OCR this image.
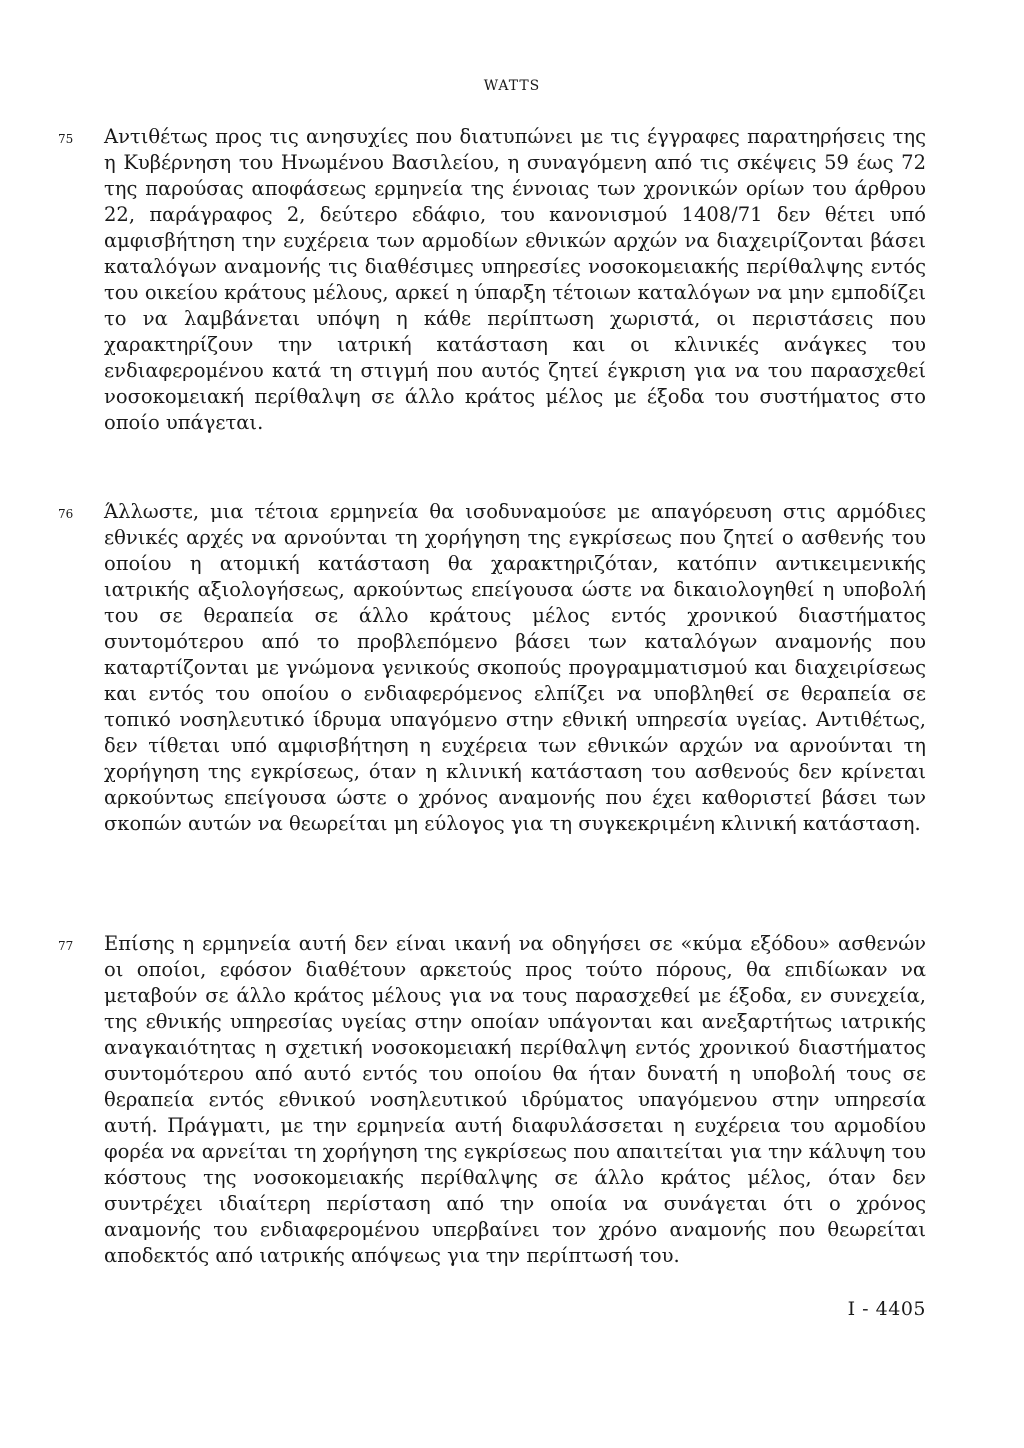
WATTS
75 Αντιθέτως προς τις ανησυχίες που διατυπώνει με τις έγγραφες παρατηρήσεις της η Κυβέρνηση του Ηνωμένου Βασιλείου, η συναγόμενη από τις σκέψεις 59 έως 72 της παρούσας αποφάσεως ερμηνεία της έννοιας των χρονικών ορίων του άρθρου 22, παράγραφος 2, δεύτερο εδάφιο, του κανονισμού 1408/71 δεν θέτει υπό αμφισβήτηση την ευχέρεια των αρμοδίων εθνικών αρχών να διαχειρίζονται βάσει καταλόγων αναμονής τις διαθέσιμες υπηρεσίες νοσοκομειακής περίθαλψης εντός του οικείου κράτους μέλους, αρκεί η ύπαρξη τέτοιων καταλόγων να μην εμποδίζει το να λαμβάνεται υπόψη η κάθε περίπτωση χωριστά, οι περιστάσεις που χαρακτηρίζουν την ιατρική κατάσταση και οι κλινικές ανάγκες του ενδιαφερομένου κατά τη στιγμή που αυτός ζητεί έγκριση για να του παρασχεθεί νοσοκομειακή περίθαλψη σε άλλο κράτος μέλος με έξοδα του συστήματος στο οποίο υπάγεται.
76 Άλλωστε, μια τέτοια ερμηνεία θα ισοδυναμούσε με απαγόρευση στις αρμόδιες εθνικές αρχές να αρνούνται τη χορήγηση της εγκρίσεως που ζητεί ο ασθενής του οποίου η ατομική κατάσταση θα χαρακτηριζόταν, κατόπιν αντικειμενικής ιατρικής αξιολογήσεως, αρκούντως επείγουσα ώστε να δικαιολογηθεί η υποβολή του σε θεραπεία σε άλλο κράτους μέλος εντός χρονικού διαστήματος συντομότερου από το προβλεπόμενο βάσει των καταλόγων αναμονής που καταρτίζονται με γνώμονα γενικούς σκοπούς προγραμματισμού και διαχειρίσεως και εντός του οποίου ο ενδιαφερόμενος ελπίζει να υποβληθεί σε θεραπεία σε τοπικό νοσηλευτικό ίδρυμα υπαγόμενο στην εθνική υπηρεσία υγείας. Αντιθέτως, δεν τίθεται υπό αμφισβήτηση η ευχέρεια των εθνικών αρχών να αρνούνται τη χορήγηση της εγκρίσεως, όταν η κλινική κατάσταση του ασθενούς δεν κρίνεται αρκούντως επείγουσα ώστε ο χρόνος αναμονής που έχει καθοριστεί βάσει των σκοπών αυτών να θεωρείται μη εύλογος για τη συγκεκριμένη κλινική κατάσταση.
77 Επίσης η ερμηνεία αυτή δεν είναι ικανή να οδηγήσει σε «κύμα εξόδου» ασθενών οι οποίοι, εφόσον διαθέτουν αρκετούς προς τούτο πόρους, θα επιδίωκαν να μεταβούν σε άλλο κράτος μέλους για να τους παρασχεθεί με έξοδα, εν συνεχεία, της εθνικής υπηρεσίας υγείας στην οποίαν υπάγονται και ανεξαρτήτως ιατρικής αναγκαιότητας η σχετική νοσοκομειακή περίθαλψη εντός χρονικού διαστήματος συντομότερου από αυτό εντός του οποίου θα ήταν δυνατή η υποβολή τους σε θεραπεία εντός εθνικού νοσηλευτικού ιδρύματος υπαγόμενου στην υπηρεσία αυτή. Πράγματι, με την ερμηνεία αυτή διαφυλάσσεται η ευχέρεια του αρμοδίου φορέα να αρνείται τη χορήγηση της εγκρίσεως που απαιτείται για την κάλυψη του κόστους της νοσοκομειακής περίθαλψης σε άλλο κράτος μέλος, όταν δεν συντρέχει ιδιαίτερη περίσταση από την οποία να συνάγεται ότι ο χρόνος αναμονής του ενδιαφερομένου υπερβαίνει τον χρόνο αναμονής που θεωρείται αποδεκτός από ιατρικής απόψεως για την περίπτωσή του.
I - 4405
